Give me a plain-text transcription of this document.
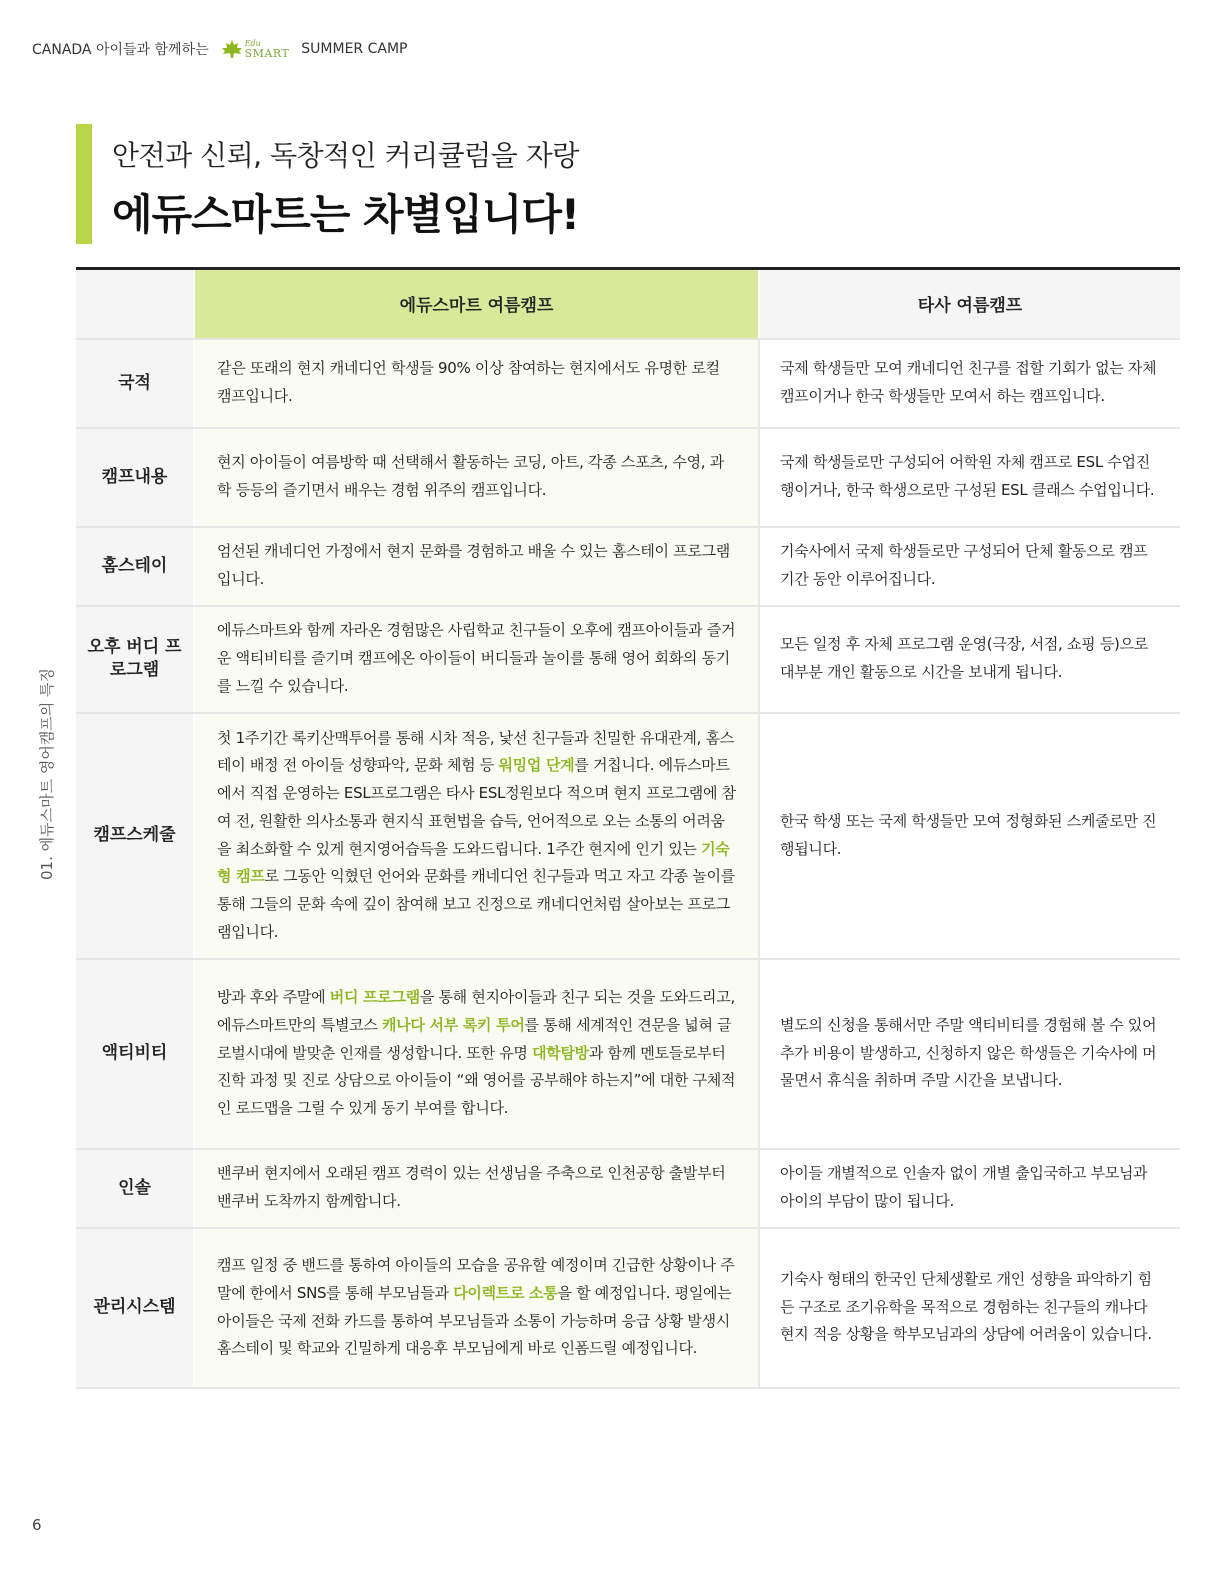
CANADA 아이들과 함께하는	Edu
SMART SUMMER CAMP
안전과 신뢰, 독창적인 커리큘럼을 자랑
에듀스마트는 차별입니다!
	에듀스마트 여름캠프	타사 여름캠프
국적	같은 또래의 현지 캐네디언 학생들 90% 이상 참여하는 현지에서도 유명한 로컬 캠프입니다.	국제 학생들만 모여 캐네디언 친구를 접할 기회가 없는 자체 캠프이거나 한국 학생들만 모여서 하는 캠프입니다.
캠프내용	현지 아이들이 여름방학 때 선택해서 활동하는 코딩, 아트, 각종 스포츠, 수영, 과학 등등의 즐기면서 배우는 경험 위주의 캠프입니다.	국제 학생들로만 구성되어 어학원 자체 캠프로 ESL 수업진행이거나, 한국 학생으로만 구성된 ESL 클래스 수업입니다.
홈스테이	엄선된 캐네디언 가정에서 현지 문화를 경험하고 배울 수 있는 홈스테이 프로그램입니다.	기숙사에서 국제 학생들로만 구성되어 단체 활동으로 캠프 기간 동안 이루어집니다.
오후 버디 프로그램	에듀스마트와 함께 자라온 경험많은 사립학교 친구들이 오후에 캠프아이들과 즐거운 액티비티를 즐기며 캠프에온 아이들이 버디들과 놀이를 통해 영어 회화의 동기를 느낄 수 있습니다.	모든 일정 후 자체 프로그램 운영(극장, 서점, 쇼핑 등)으로 대부분 개인 활동으로 시간을 보내게 됩니다.
캠프스케줄	첫 1주기간 록키산맥투어를 통해 시차 적응, 낯선 친구들과 친밀한 유대관계, 홈스테이 배정 전 아이들 성향파악, 문화 체험 등 워밍업 단계를 거칩니다. 에듀스마트에서 직접 운영하는 ESL프로그램은 타사 ESL정원보다 적으며 현지 프로그램에 참여 전, 원활한 의사소통과 현지식 표현법을 습득, 언어적으로 오는 소통의 어려움을 최소화할 수 있게 현지영어습득을 도와드립니다. 1주간 현지에 인기 있는 기숙형 캠프로 그동안 익혔던 언어와 문화를 캐네디언 친구들과 먹고 자고 각종 놀이를 통해 그들의 문화 속에 깊이 참여해 보고 진정으로 캐네디언처럼 살아보는 프로그램입니다.	한국 학생 또는 국제 학생들만 모여 정형화된 스케줄로만 진행됩니다.
액티비티	방과 후와 주말에 버디 프로그램을 통해 현지아이들과 친구 되는 것을 도와드리고, 에듀스마트만의 특별코스 캐나다 서부 록키 투어를 통해 세계적인 견문을 넓혀 글로벌시대에 발맞춘 인재를 생성합니다. 또한 유명 대학탐방과 함께 멘토들로부터 진학 과정 및 진로 상담으로 아이들이 “왜 영어를 공부해야 하는지”에 대한 구체적인 로드맵을 그릴 수 있게 동기 부여를 합니다.	별도의 신청을 통해서만 주말 액티비티를 경험해 볼 수 있어 추가 비용이 발생하고, 신청하지 않은 학생들은 기숙사에 머물면서 휴식을 취하며 주말 시간을 보냅니다.
인솔	밴쿠버 현지에서 오래된 캠프 경력이 있는 선생님을 주축으로 인천공항 출발부터 밴쿠버 도착까지 함께합니다.	아이들 개별적으로 인솔자 없이 개별 출입국하고 부모님과 아이의 부담이 많이 됩니다.
관리시스템	캠프 일정 중 밴드를 통하여 아이들의 모습을 공유할 예정이며 긴급한 상황이나 주말에 한에서 SNS를 통해 부모님들과 다이렉트로 소통을 할 예정입니다. 평일에는 아이들은 국제 전화 카드를 통하여 부모님들과 소통이 가능하며 응급 상황 발생시 홈스테이 및 학교와 긴밀하게 대응후 부모님에게 바로 인폼드릴 예정입니다.	기숙사 형태의 한국인 단체생활로 개인 성향을 파악하기 힘든 구조로 조기유학을 목적으로 경험하는 친구들의 캐나다 현지 적응 상황을 학부모님과의 상담에 어려움이 있습니다.
01. 에듀스마트 영어캠프의 특징
6
